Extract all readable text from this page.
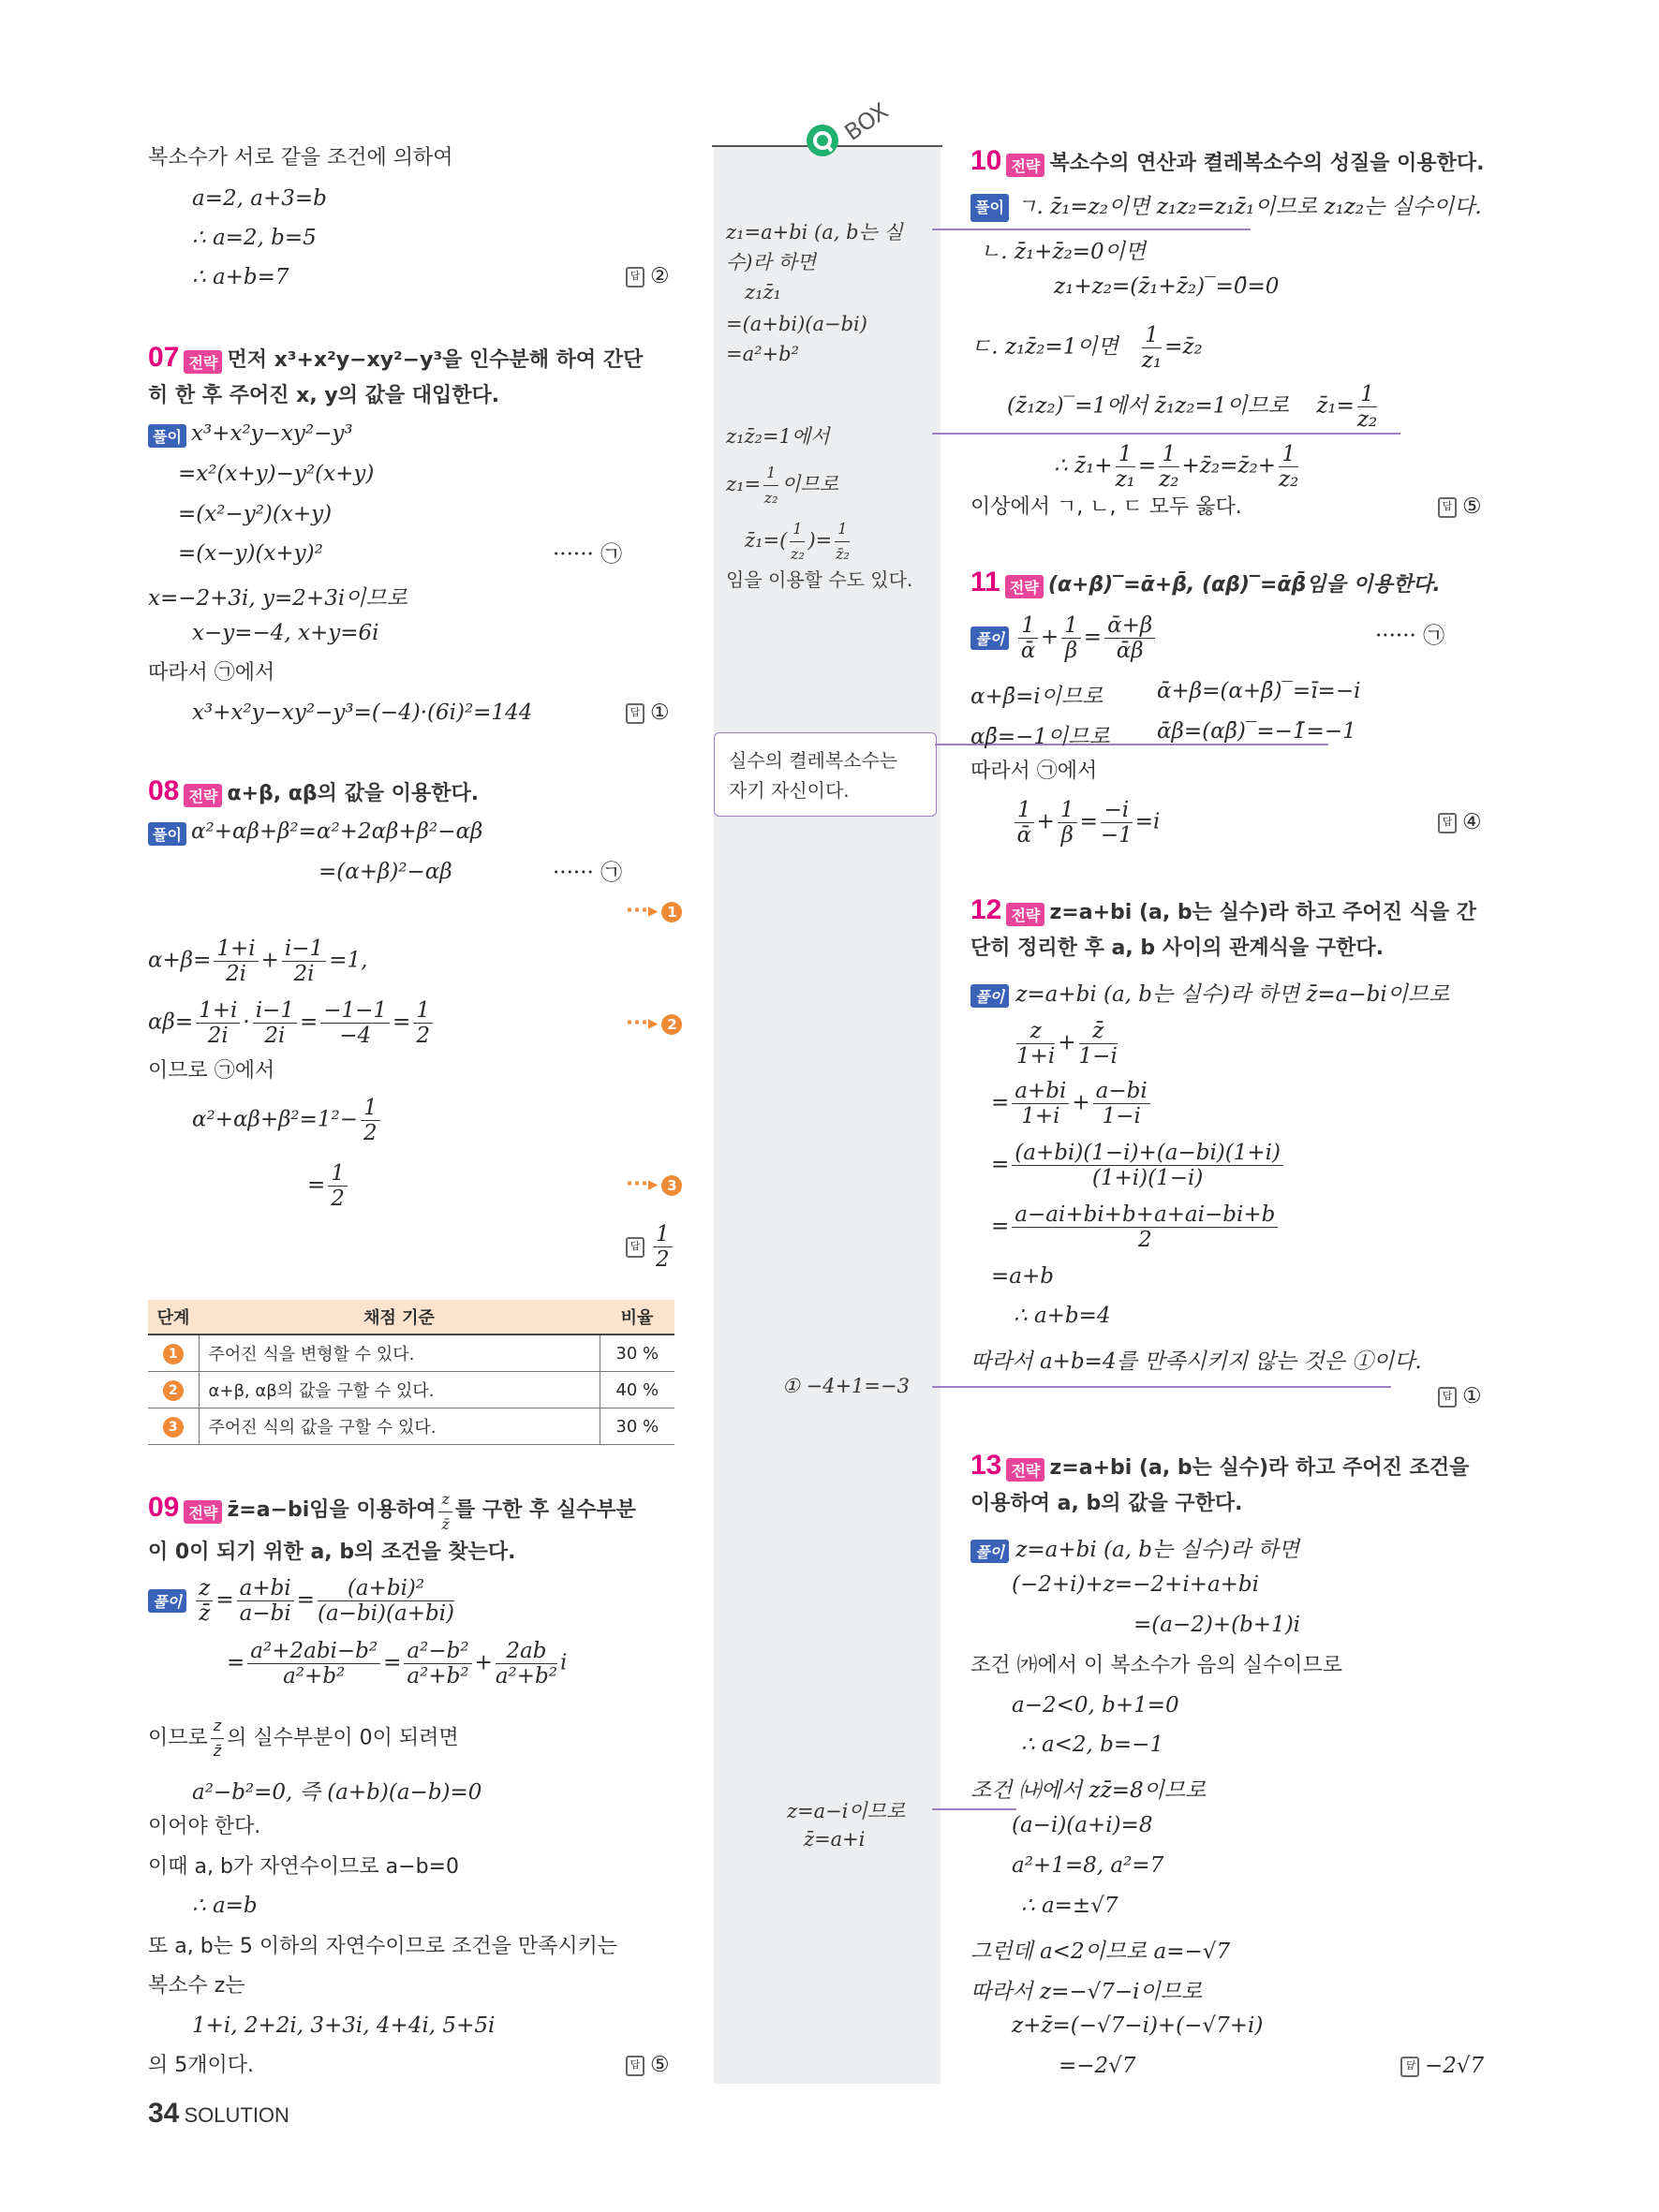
BOX
복소수가 서로 같을 조건에 의하여
a=2, a+3=b
∴ a=2, b=5
∴ a+b=7	답 ②
07 전략 먼저 x³+x²y−xy²−y³을 인수분해 하여 간단
히 한 후 주어진 x, y의 값을 대입한다.
풀이 x³+x²y−xy²−y³
=x²(x+y)−y²(x+y)
=(x²−y²)(x+y)
=(x−y)(x+y)²	······ ㉠
x=−2+3i, y=2+3i이므로
x−y=−4, x+y=6i
따라서 ㉠에서
x³+x²y−xy²−y³=(−4)·(6i)²=144	답 ①
08 전략 α+β, αβ의 값을 이용한다.
풀이 α²+αβ+β²=α²+2αβ+β²−αβ
=(α+β)²−αβ	······ ㉠
···▸ 1
$\alpha+\beta= \frac{1+i}{2i} + \frac{i-1}{2i} =1$,
$\alpha\beta= \frac{1+i}{2i} \cdot \frac{i-1}{2i} = \frac{-1-1}{-4} = \frac{1}{2}$	···▸ 2
이므로 ㉠에서
$\alpha^2+\alpha\beta+\beta^2=1^2- \frac{1}{2}$
= $\frac{1}{2}$	···▸ 3
답 $\frac{1}{2}$
단계	채점 기준	비율
1	주어진 식을 변형할 수 있다.	30 %
2	α+β, αβ의 값을 구할 수 있다.	40 %
3	주어진 식의 값을 구할 수 있다.	30 %
09 전략 z̄=a−bi임을 이용하여 $\frac{z}{z̄}$ 를 구한 후 실수부분
이 0이 되기 위한 a, b의 조건을 찾는다.
풀이 $\frac{z}{z̄} = \frac{a+bi}{a-bi} = \frac{\text{(a+bi)²}}{(a-bi)(a+bi)}$
= $\frac{\text{a²+2abi−b²}}{\text{a²+b²}} = \frac{\text{a²−b²}}{\text{a²+b²}} + \frac{2ab}{\text{a²+b²}}$ i
이므로 $\frac{z}{z̄}$ 의 실수부분이 0이 되려면
a²−b²=0, 즉 (a+b)(a−b)=0
이어야 한다.
이때 a, b가 자연수이므로 a−b=0
∴ a=b
또 a, b는 5 이하의 자연수이므로 조건을 만족시키는
복소수 z는
1+i, 2+2i, 3+3i, 4+4i, 5+5i
의 5개이다.	답 ⑤
z₁=a+bi (a, b는 실
수)라 하면
z₁z̄₁
=(a+bi)(a−bi)
=a²+b²
z₁z̄₂=1에서
$z_1= \frac{1}{\text{z₂}}$ 이므로
z̄₁=( $\frac{1}{\text{z₂}}$ )= $\frac{1}{\text{z̄₂}}$
임을 이용할 수도 있다.
실수의 켤레복소수는
자기 자신이다.
① −4+1=−3
z=a−i이므로
z̄=a+i
10 전략 복소수의 연산과 켤레복소수의 성질을 이용한다.
풀이 ㄱ. z̄₁=z₂이면 z₁z₂=z₁z̄₁이므로 z₁z₂는 실수이다.
ㄴ. z̄₁+z̄₂=0이면
z₁+z₂=(z̄₁+z̄₂)‾=0̄=0
ㄷ. z₁z̄₂=1이면 $\frac{1}{\text{z₁}}$ =z̄₂
(z̄₁z₂)‾=1에서 z̄₁z₂=1이므로    z̄₁= $\frac{1}{\text{z₂}}$
∴ z̄₁+ $\frac{1}{\text{z₁}} = \frac{1}{\text{z₂}}$ +z̄₂=z̄₂+ $\frac{1}{\text{z₂}}$
이상에서 ㄱ, ㄴ, ㄷ 모두 옳다.	답 ⑤
11 전략 (α+β)‾=ᾱ+β̄, (αβ)‾=ᾱβ̄임을 이용한다.
풀이 $\frac{1}{\text{ᾱ}} + \frac{1}{\beta} = \frac{\text{ᾱ+β}}{\text{ᾱβ}}$	······ ㉠
α+β̄=i이므로	ᾱ+β=(α+β̄)‾=ī=−i
αβ̄=−1이므로 ᾱβ=(αβ̄)‾=−1̄=−1
따라서 ㉠에서
$\frac{1}{\text{ᾱ}} + \frac{1}{\beta} = \frac{-i}{-1} =i$	답 ④
12 전략 z=a+bi (a, b는 실수)라 하고 주어진 식을 간
단히 정리한 후 a, b 사이의 관계식을 구한다.
풀이 z=a+bi (a, b는 실수)라 하면 z̄=a−bi이므로
$\frac{z}{1+i} + \frac{z̄}{1-i}$
= $\frac{a+bi}{1+i} + \frac{a-bi}{1-i}$
= $\frac{(a+bi)(1-i)+(a-bi)(1+i)}{(1+i)(1-i)}$
= $\frac{a-ai+bi+b+a+ai-bi+b}{2}$
=a+b
∴ a+b=4
따라서 a+b=4를 만족시키지 않는 것은 ①이다.
답 ①
13 전략 z=a+bi (a, b는 실수)라 하고 주어진 조건을
이용하여 a, b의 값을 구한다.
풀이 z=a+bi (a, b는 실수)라 하면
(−2+i)+z=−2+i+a+bi
=(a−2)+(b+1)i
조건 ㈎에서 이 복소수가 음의 실수이므로
a−2<0, b+1=0
∴ a<2, b=−1
조건 ㈏에서 zz̄=8이므로
(a−i)(a+i)=8
a²+1=8, a²=7
∴ a=±√7
그런데 a<2이므로 a=−√7
따라서 z=−√7−i이므로
z+z̄=(−√7−i)+(−√7+i)
=−2√7	답 −2√7
34 SOLUTION
